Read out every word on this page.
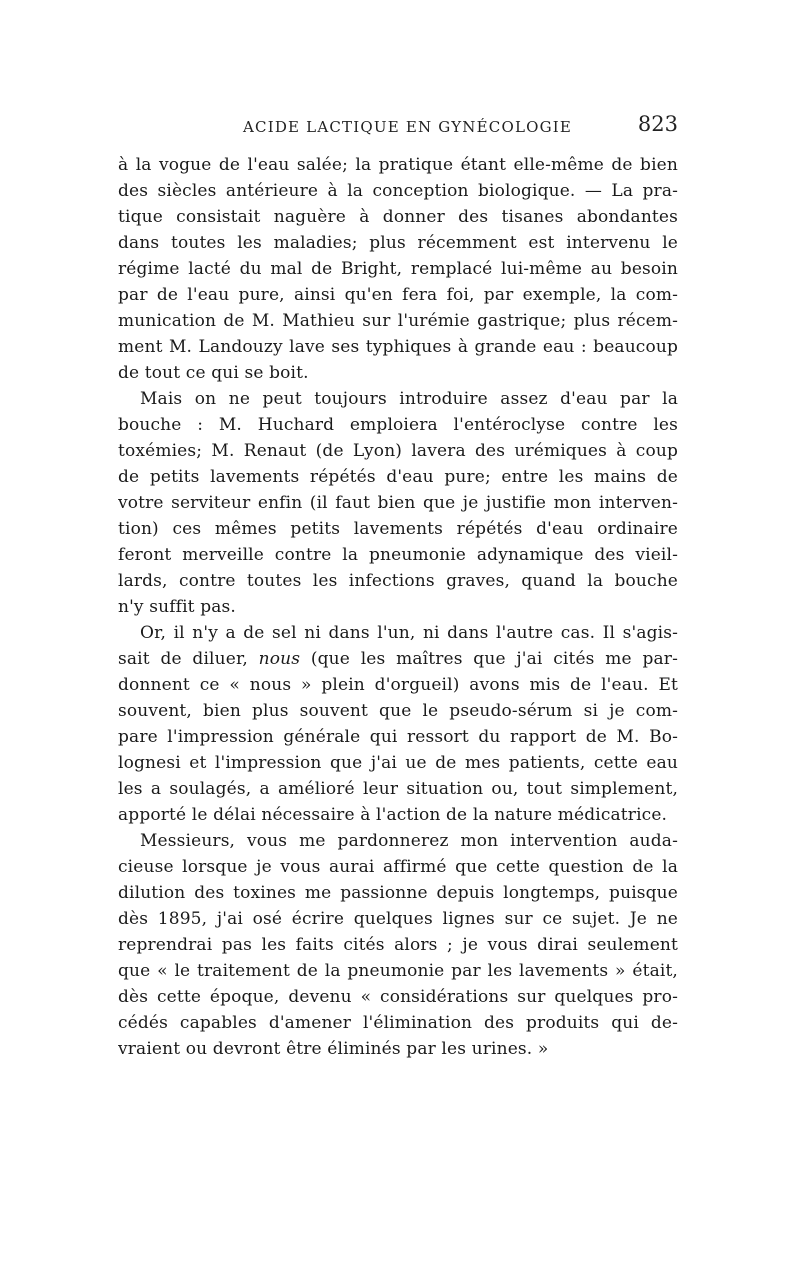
ACIDE LACTIQUE EN GYNÉCOLOGIE	823
à la vogue de l'eau salée; la pratique étant elle-même de bien
des siècles antérieure à la conception biologique. — La pra-
tique consistait naguère à donner des tisanes abondantes
dans toutes les maladies; plus récemment est intervenu le
régime lacté du mal de Bright, remplacé lui-même au besoin
par de l'eau pure, ainsi qu'en fera foi, par exemple, la com-
munication de M. Mathieu sur l'urémie gastrique; plus récem-
ment M. Landouzy lave ses typhiques à grande eau : beaucoup
de tout ce qui se boit.
Mais on ne peut toujours introduire assez d'eau par la
bouche : M. Huchard emploiera l'entéroclyse contre les
toxémies; M. Renaut (de Lyon) lavera des urémiques à coup
de petits lavements répétés d'eau pure; entre les mains de
votre serviteur enfin (il faut bien que je justifie mon interven-
tion) ces mêmes petits lavements répétés d'eau ordinaire
feront merveille contre la pneumonie adynamique des vieil-
lards, contre toutes les infections graves, quand la bouche
n'y suffit pas.
Or, il n'y a de sel ni dans l'un, ni dans l'autre cas. Il s'agis-
sait de diluer, nous (que les maîtres que j'ai cités me par-
donnent ce « nous » plein d'orgueil) avons mis de l'eau. Et
souvent, bien plus souvent que le pseudo-sérum si je com-
pare l'impression générale qui ressort du rapport de M. Bo-
lognesi et l'impression que j'ai ue de mes patients, cette eau
les a soulagés, a amélioré leur situation ou, tout simplement,
apporté le délai nécessaire à l'action de la nature médicatrice.
Messieurs, vous me pardonnerez mon intervention auda-
cieuse lorsque je vous aurai affirmé que cette question de la
dilution des toxines me passionne depuis longtemps, puisque
dès 1895, j'ai osé écrire quelques lignes sur ce sujet. Je ne
reprendrai pas les faits cités alors ; je vous dirai seulement
que « le traitement de la pneumonie par les lavements » était,
dès cette époque, devenu « considérations sur quelques pro-
cédés capables d'amener l'élimination des produits qui de-
vraient ou devront être éliminés par les urines. »
